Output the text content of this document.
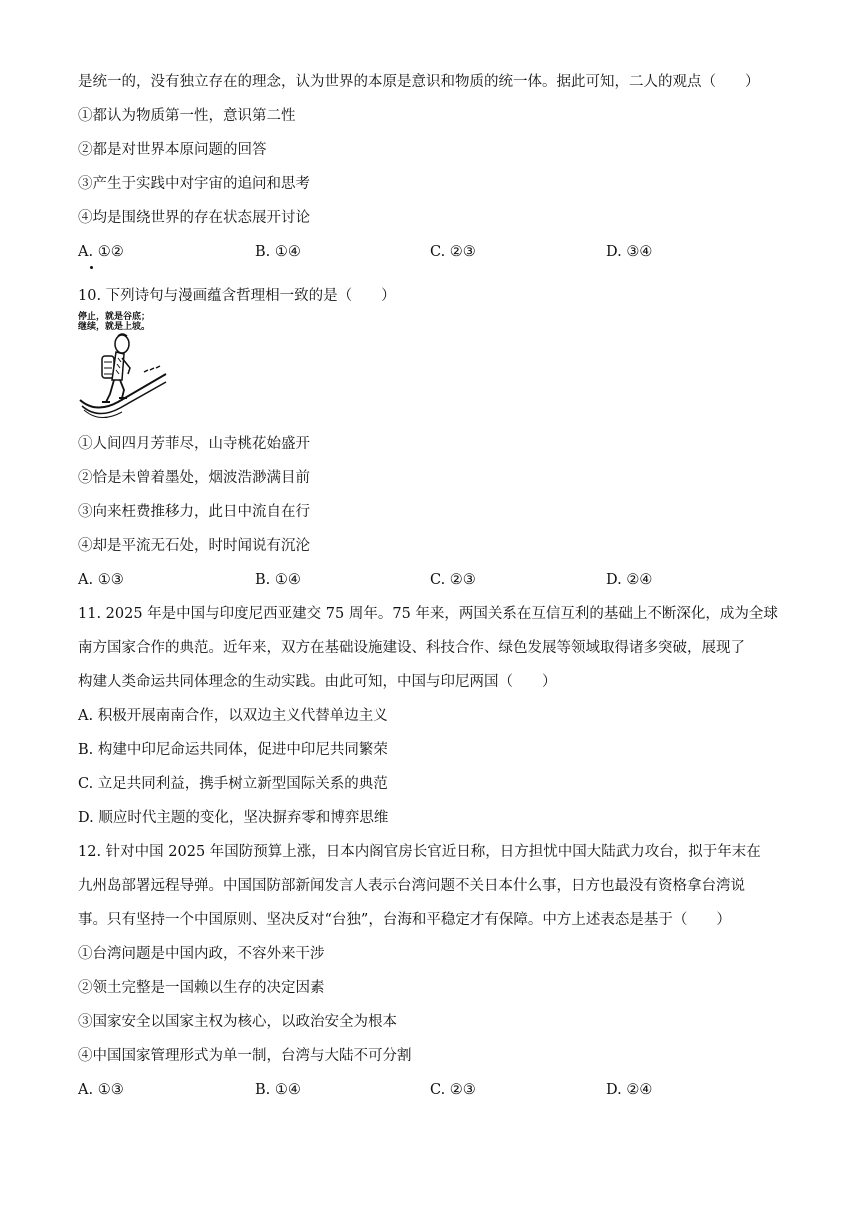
是统一的，没有独立存在的理念，认为世界的本原是意识和物质的统一体。据此可知，二人的观点（　　）
①都认为物质第一性，意识第二性
②都是对世界本原问题的回答
③产生于实践中对宇宙的追问和思考
④均是围绕世界的存在状态展开讨论
A. ①②	B. ①④	C. ②③	D. ③④
10. 下列诗句与漫画蕴含哲理相一致的是（　　）
停止，就是谷底；
继续，就是上坡。
①人间四月芳菲尽，山寺桃花始盛开
②恰是未曾着墨处，烟波浩渺满目前
③向来枉费推移力，此日中流自在行
④却是平流无石处，时时闻说有沉沦
A. ①③	B. ①④	C. ②③	D. ②④
11. 2025 年是中国与印度尼西亚建交 75 周年。75 年来，两国关系在互信互利的基础上不断深化，成为全球
南方国家合作的典范。近年来，双方在基础设施建设、科技合作、绿色发展等领域取得诸多突破，展现了
构建人类命运共同体理念的生动实践。由此可知，中国与印尼两国（　　）
A. 积极开展南南合作，以双边主义代替单边主义
B. 构建中印尼命运共同体，促进中印尼共同繁荣
C. 立足共同利益，携手树立新型国际关系的典范
D. 顺应时代主题的变化，坚决摒弃零和博弈思维
12. 针对中国 2025 年国防预算上涨，日本内阁官房长官近日称，日方担忧中国大陆武力攻台，拟于年末在
九州岛部署远程导弹。中国国防部新闻发言人表示台湾问题不关日本什么事，日方也最没有资格拿台湾说
事。只有坚持一个中国原则、坚决反对“台独”，台海和平稳定才有保障。中方上述表态是基于（　　）
①台湾问题是中国内政，不容外来干涉
②领土完整是一国赖以生存的决定因素
③国家安全以国家主权为核心，以政治安全为根本
④中国国家管理形式为单一制，台湾与大陆不可分割
A. ①③	B. ①④	C. ②③	D. ②④
